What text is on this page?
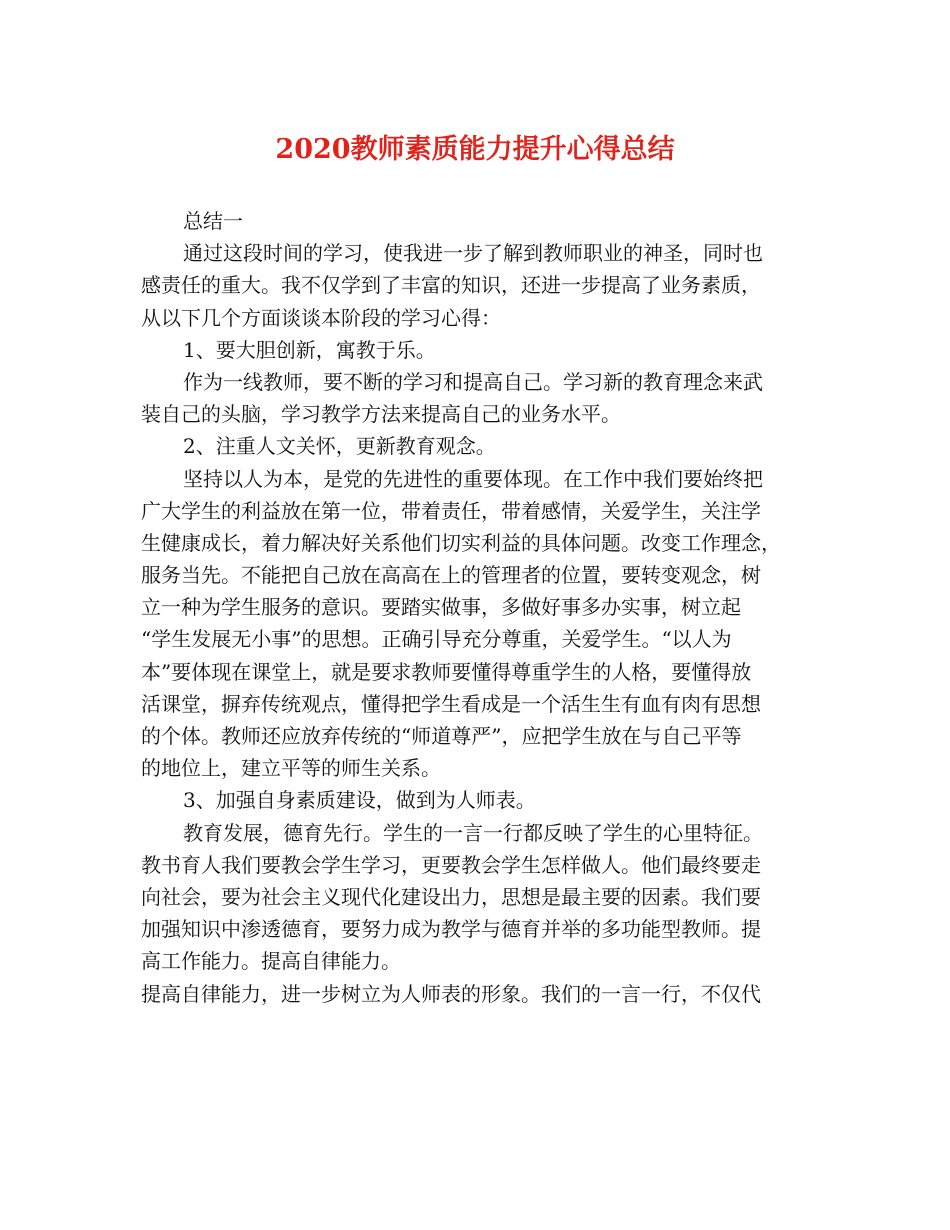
2020教师素质能力提升心得总结
总结一
通过这段时间的学习，使我进一步了解到教师职业的神圣，同时也
感责任的重大。我不仅学到了丰富的知识，还进一步提高了业务素质，
从以下几个方面谈谈本阶段的学习心得：
1、要大胆创新，寓教于乐。
作为一线教师，要不断的学习和提高自己。学习新的教育理念来武
装自己的头脑，学习教学方法来提高自己的业务水平。
2、注重人文关怀，更新教育观念。
坚持以人为本，是党的先进性的重要体现。在工作中我们要始终把
广大学生的利益放在第一位，带着责任，带着感情，关爱学生，关注学
生健康成长，着力解决好关系他们切实利益的具体问题。改变工作理念，
服务当先。不能把自己放在高高在上的管理者的位置，要转变观念，树
立一种为学生服务的意识。要踏实做事，多做好事多办实事，树立起
“学生发展无小事”的思想。正确引导充分尊重，关爱学生。“以人为
本”要体现在课堂上，就是要求教师要懂得尊重学生的人格，要懂得放
活课堂，摒弃传统观点，懂得把学生看成是一个活生生有血有肉有思想
的个体。教师还应放弃传统的“师道尊严”，应把学生放在与自己平等
的地位上，建立平等的师生关系。
3、加强自身素质建设，做到为人师表。
教育发展，德育先行。学生的一言一行都反映了学生的心里特征。
教书育人我们要教会学生学习，更要教会学生怎样做人。他们最终要走
向社会，要为社会主义现代化建设出力，思想是最主要的因素。我们要
加强知识中渗透德育，要努力成为教学与德育并举的多功能型教师。提
高工作能力。提高自律能力。
提高自律能力，进一步树立为人师表的形象。我们的一言一行，不仅代
